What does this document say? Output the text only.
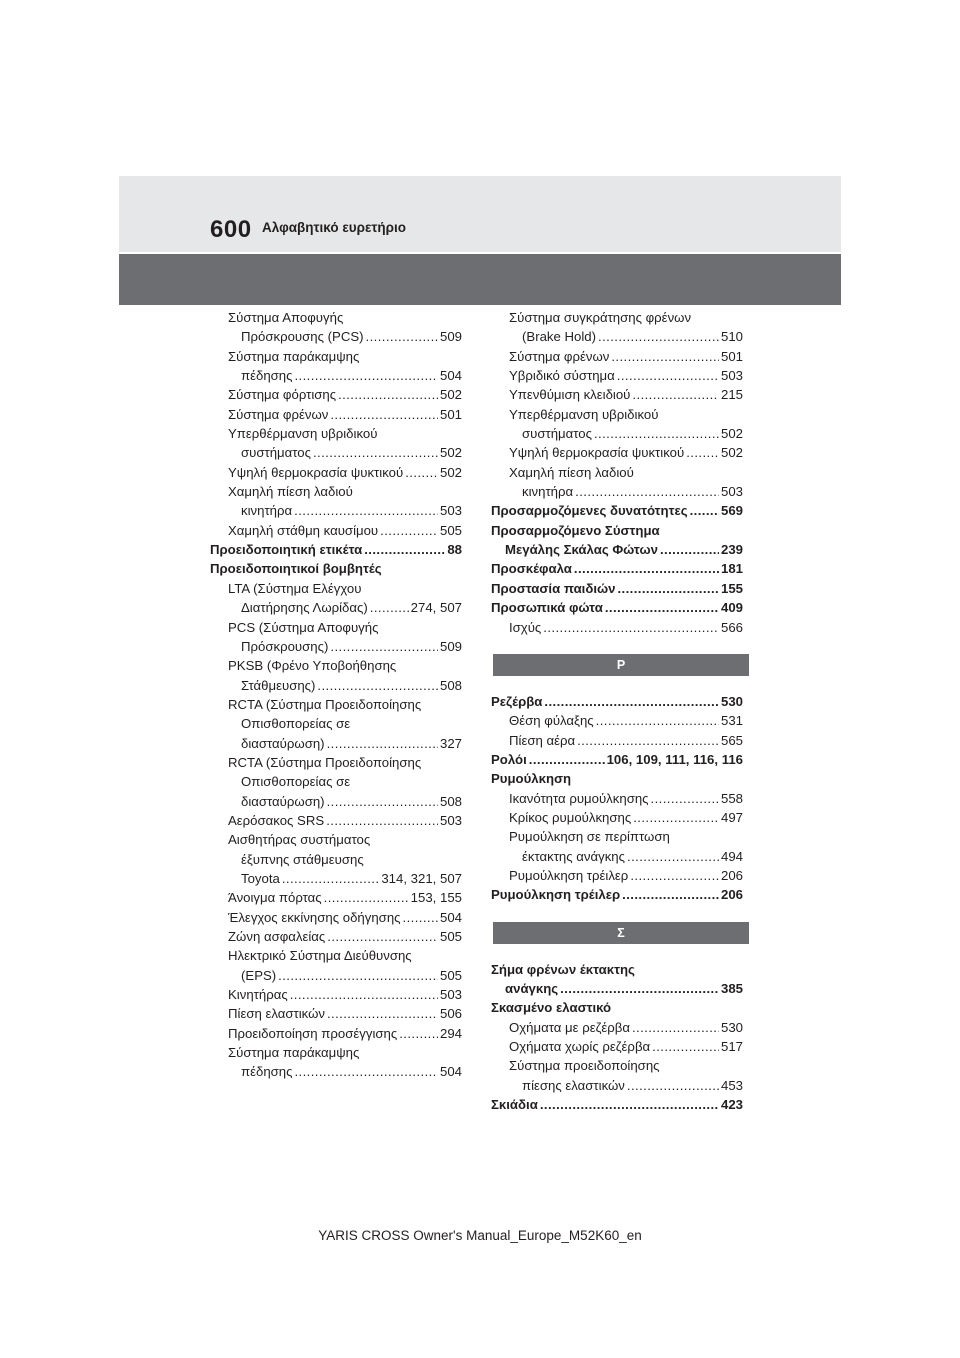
600 Αλφαβητικό ευρετήριο
Σύστημα Αποφυγής
Πρόσκρουσης (PCS) .....	509
Σύστημα παράκαμψης
πέδησης .....	504
Σύστημα φόρτισης .....	502
Σύστημα φρένων .....	501
Υπερθέρμανση υβριδικού
συστήματος .....	502
Υψηλή θερμοκρασία ψυκτικού .....	502
Χαμηλή πίεση λαδιού
κινητήρα .....	503
Χαμηλή στάθμη καυσίμου .....	505
Προειδοποιητική ετικέτα .....	88
Προειδοποιητικοί βομβητές
LTA (Σύστημα Ελέγχου
Διατήρησης Λωρίδας) .....	274, 507
PCS (Σύστημα Αποφυγής
Πρόσκρουσης) .....	509
PKSB (Φρένο Υποβοήθησης
Στάθμευσης) .....	508
RCTA (Σύστημα Προειδοποίησης
Οπισθοπορείας σε
διασταύρωση) .....	327
RCTA (Σύστημα Προειδοποίησης
Οπισθοπορείας σε
διασταύρωση) .....	508
Αερόσακος SRS .....	503
Αισθητήρας συστήματος
έξυπνης στάθμευσης
Toyota .....	314, 321, 507
Άνοιγμα πόρτας .....	153, 155
Έλεγχος εκκίνησης οδήγησης .....	504
Ζώνη ασφαλείας .....	505
Ηλεκτρικό Σύστημα Διεύθυνσης
(EPS) .....	505
Κινητήρας .....	503
Πίεση ελαστικών .....	506
Προειδοποίηση προσέγγισης .....	294
Σύστημα παράκαμψης
πέδησης .....	504
Σύστημα συγκράτησης φρένων
(Brake Hold) .....	510
Σύστημα φρένων .....	501
Υβριδικό σύστημα .....	503
Υπενθύμιση κλειδιού .....	215
Υπερθέρμανση υβριδικού
συστήματος .....	502
Υψηλή θερμοκρασία ψυκτικού .....	502
Χαμηλή πίεση λαδιού
κινητήρα .....	503
Προσαρμοζόμενες δυνατότητες .....	569
Προσαρμοζόμενο Σύστημα
Μεγάλης Σκάλας Φώτων .....	239
Προσκέφαλα .....	181
Προστασία παιδιών .....	155
Προσωπικά φώτα .....	409
Ισχύς .....	566
Ρ
Ρεζέρβα .....	530
Θέση φύλαξης .....	531
Πίεση αέρα .....	565
Ρολόι .....	106, 109, 111, 116, 116
Ρυμούλκηση
Ικανότητα ρυμούλκησης .....	558
Κρίκος ρυμούλκησης .....	497
Ρυμούλκηση σε περίπτωση
έκτακτης ανάγκης .....	494
Ρυμούλκηση τρέιλερ .....	206
Ρυμούλκηση τρέιλερ .....	206
Σ
Σήμα φρένων έκτακτης
ανάγκης .....	385
Σκασμένο ελαστικό
Οχήματα με ρεζέρβα .....	530
Οχήματα χωρίς ρεζέρβα .....	517
Σύστημα προειδοποίησης
πίεσης ελαστικών .....	453
Σκιάδια .....	423
YARIS CROSS Owner's Manual_Europe_M52K60_en
